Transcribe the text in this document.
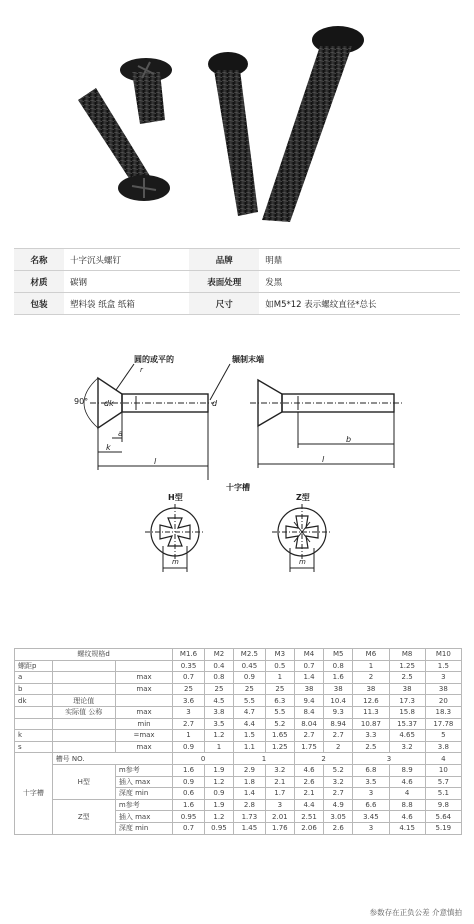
名称	十字沉头螺钉	品牌	明鼎
材质	碳钢	表面处理	发黑
包装	塑料袋 纸盒 纸箱	尺寸	如M5*12 表示螺纹直径*总长
90° dk	d
r
a
k
l
圆的或平的	辗制末端
b
l
十字槽
H型
m
Z型
m
螺纹规格d			M1.6	M2	M2.5	M3	M4	M5	M6	M8	M10
螺距p			0.35	0.4	0.45	0.5	0.7	0.8	1	1.25	1.5
a		max	0.7	0.8	0.9	1	1.4	1.6	2	2.5	3
b		max	25	25	25	25	38	38	38	38	38
dk	理论值		3.6	4.5	5.5	6.3	9.4	10.4	12.6	17.3	20
	实际值 公称	max	3	3.8	4.7	5.5	8.4	9.3	11.3	15.8	18.3
		min	2.7	3.5	4.4	5.2	8.04	8.94	10.87	15.37	17.78
k		=max	1	1.2	1.5	1.65	2.7	2.7	3.3	4.65	5
s		max	0.9	1	1.1	1.25	1.75	2	2.5	3.2	3.8
十字槽	槽号 NO.		0		1		2		3		4
	H型	m参考	1.6	1.9	2.9	3.2	4.6	5.2	6.8	8.9	10
		插入 max	0.9	1.2	1.8	2.1	2.6	3.2	3.5	4.6	5.7
		深度 min	0.6	0.9	1.4	1.7	2.1	2.7	3	4	5.1
	Z型	m参考	1.6	1.9	2.8	3	4.4	4.9	6.6	8.8	9.8
		插入 max	0.95	1.2	1.73	2.01	2.51	3.05	3.45	4.6	5.64
		深度 min	0.7	0.95	1.45	1.76	2.06	2.6	3	4.15	5.19
参数存在正负公差 介意慎拍
